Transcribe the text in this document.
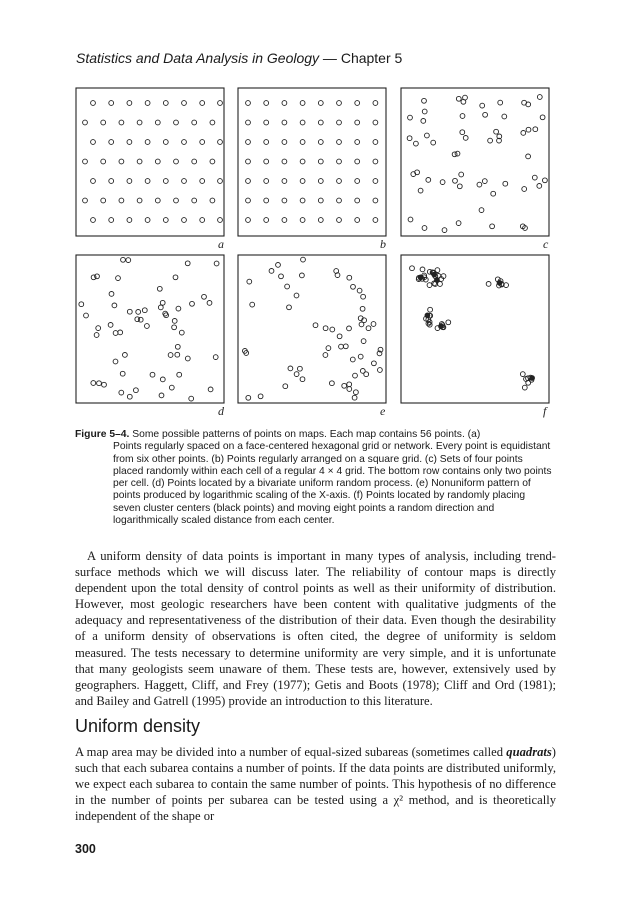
Statistics and Data Analysis in Geology — Chapter 5
a	b	c
d	e	f
Figure 5–4. Some possible patterns of points on maps. Each map contains 56 points. (a)
Points regularly spaced on a face-centered hexagonal grid or network. Every point is equidistant from six other points. (b) Points regularly arranged on a square grid. (c) Sets of four points placed randomly within each cell of a regular 4 × 4 grid. The bottom row contains only two points per cell. (d) Points located by a bivariate uniform random process. (e) Nonuniform pattern of points produced by logarithmic scaling of the X-axis. (f) Points located by randomly placing seven cluster centers (black points) and moving eight points a random direction and logarithmically scaled distance from each center.

A uniform density of data points is important in many types of analysis, including trend-surface methods which we will discuss later. The reliability of contour maps is directly dependent upon the total density of control points as well as their uniformity of distribution. However, most geologic researchers have been content with qualitative judgments of the adequacy and representativeness of the distribution of their data. Even though the desirability of a uniform density of observations is often cited, the degree of uniformity is seldom measured. The tests necessary to determine uniformity are very simple, and it is unfortunate that many geologists seem unaware of them. These tests are, however, extensively used by geographers. Haggett, Cliff, and Frey (1977); Getis and Boots (1978); Cliff and Ord (1981); and Bailey and Gatrell (1995) provide an introduction to this literature.

Uniform density

A map area may be divided into a number of equal-sized subareas (sometimes called quadrats) such that each subarea contains a number of points. If the data points are distributed uniformly, we expect each subarea to contain the same number of points. This hypothesis of no difference in the number of points per subarea can be tested using a χ² method, and is theoretically independent of the shape or

300
